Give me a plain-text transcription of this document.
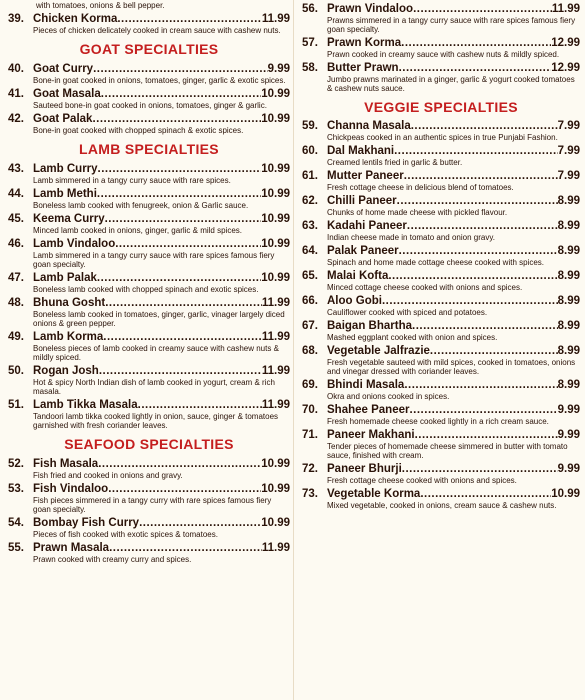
with tomatoes, onions & bell pepper.
39. Chicken Korma .....	11.99
Pieces of chicken delicately cooked in cream sauce with cashew nuts.
GOAT SPECIALTIES
40. Goat Curry .....	9.99
Bone-in goat cooked in onions, tomatoes, ginger, garlic & exotic spices.
41. Goat Masala .....	10.99
Sauteed bone-in goat cooked in onions, tomatoes, ginger & garlic.
42. Goat Palak .....	10.99
Bone-in goat cooked with chopped spinach & exotic spices.
LAMB SPECIALTIES
43. Lamb Curry .....	10.99
Lamb simmered in a tangy curry sauce with rare spices.
44. Lamb Methi .....	10.99
Boneless lamb cooked with fenugreek, onion & Garlic sauce.
45. Keema Curry .....	10.99
Minced lamb cooked in onions, ginger, garlic & mild spices.
46. Lamb Vindaloo .....	10.99
Lamb simmered in a tangy curry sauce with rare spices famous fiery goan specialty.
47. Lamb Palak .....	10.99
Boneless lamb cooked with chopped spinach and exotic spices.
48. Bhuna Gosht .....	11.99
Boneless lamb cooked in tomatoes, ginger, garlic, vinager largely diced onions & green pepper.
49. Lamb Korma .....	11.99
Boneless pieces of lamb cooked in creamy sauce with cashew nuts & mildly spiced.
50. Rogan Josh .....	11.99
Hot & spicy North Indian dish of lamb cooked in yogurt, cream & rich masala.
51. Lamb Tikka Masala .....	11.99
Tandoori lamb tikka cooked lightly in onion, sauce, ginger & tomatoes garnished with fresh coriander leaves.
SEAFOOD SPECIALTIES
52. Fish Masala .....	10.99
Fish fried and cooked in onions and gravy.
53. Fish Vindaloo .....	10.99
Fish pieces simmered in a tangy curry with rare spices famous fiery goan specialty.
54. Bombay Fish Curry .....	10.99
Pieces of fish cooked with exotic spices & tomatoes.
55. Prawn Masala .....	11.99
Prawn cooked with creamy curry and spices.
56. Prawn Vindaloo .....	11.99
Prawns simmered in a tangy curry sauce with rare spices famous fiery goan specialty.
57. Prawn Korma .....	12.99
Prawn cooked in creamy sauce with cashew nuts & mildly spiced.
58. Butter Prawn .....	12.99
Jumbo prawns marinated in a ginger, garlic & yogurt cooked tomatoes & cashew nuts sauce.
VEGGIE SPECIALTIES
59. Channa Masala .....	7.99
Chickpeas cooked in an authentic spices in true Punjabi Fashion.
60. Dal Makhani .....	7.99
Creamed lentils fried in garlic & butter.
61. Mutter Paneer .....	7.99
Fresh cottage cheese in delicious blend of tomatoes.
62. Chilli Paneer .....	8.99
Chunks of home made cheese with pickled flavour.
63. Kadahi Paneer .....	8.99
Indian cheese made in tomato and onion gravy.
64. Palak Paneer .....	8.99
Spinach and home made cottage cheese cooked with spices.
65. Malai Kofta .....	8.99
Minced cottage cheese cooked with onions and spices.
66. Aloo Gobi .....	8.99
Cauliflower cooked with spiced and potatoes.
67. Baigan Bhartha .....	8.99
Mashed eggplant cooked with onion and spices.
68. Vegetable Jalfrazie .....	8.99
Fresh vegetable sauteed with mild spices, cooked in tomatoes, onions and vinegar dressed with coriander leaves.
69. Bhindi Masala .....	8.99
Okra and onions cooked in spices.
70. Shahee Paneer .....	9.99
Fresh homemade cheese cooked lightly in a rich cream sauce.
71. Paneer Makhani .....	9.99
Tender pieces of homemade cheese simmered in butter with tomato sauce, finished with cream.
72. Paneer Bhurji .....	9.99
Fresh cottage cheese cooked with onions and spices.
73. Vegetable Korma .....	10.99
Mixed vegetable, cooked in onions, cream sauce & cashew nuts.
